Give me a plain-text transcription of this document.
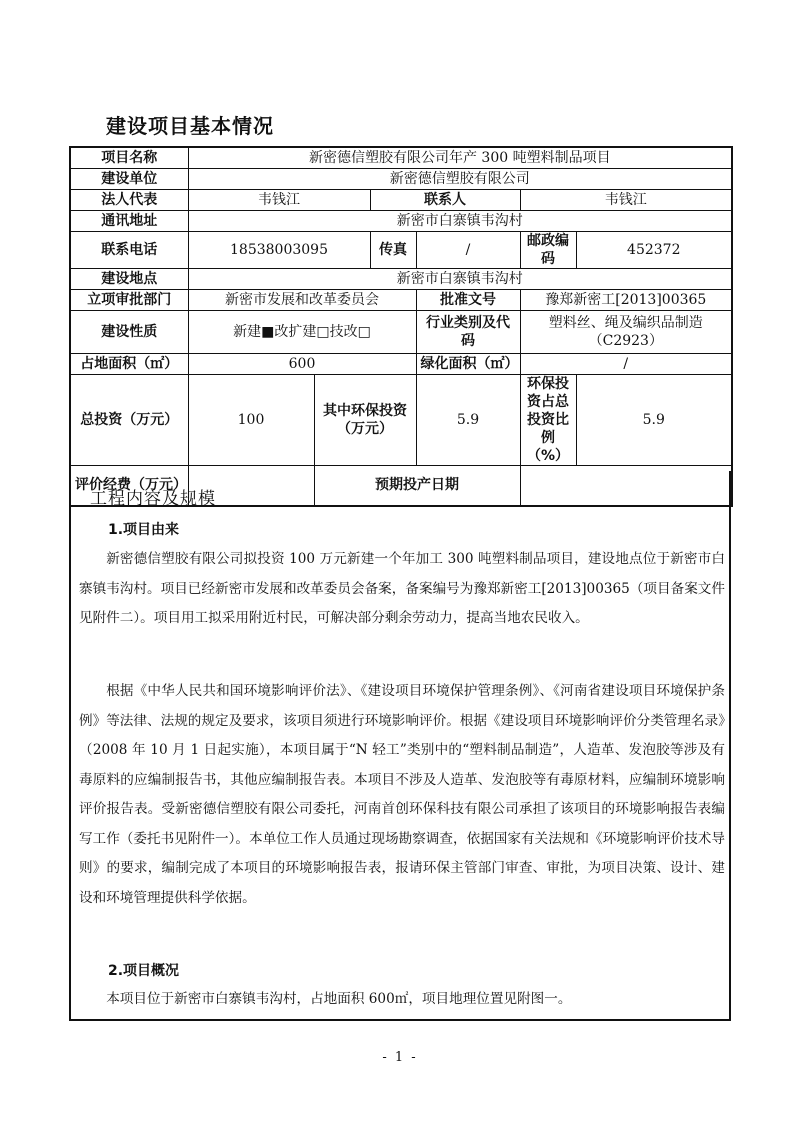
建设项目基本情况
项目名称	新密德信塑胶有限公司年产 300 吨塑料制品项目					
建设单位	新密德信塑胶有限公司					
法人代表	韦钱江		联系人		韦钱江	
通讯地址	新密市白寨镇韦沟村					
联系电话	18538003095		传真	/	邮政编码	452372
建设地点	新密市白寨镇韦沟村					
立项审批部门	新密市发展和改革委员会			批准文号	豫郑新密工[2013]00365	
建设性质	新建■改扩建□技改□			行业类别及代码	塑料丝、绳及编织品制造（C2923）	
占地面积（㎡）	600			绿化面积（㎡）	/	
总投资（万元）	100	其中环保投资（万元）		5.9	环保投资占总投资比例（%）	5.9
评价经费（万元）		预期投产日期				
工程内容及规模
1.项目由来

新密德信塑胶有限公司拟投资 100 万元新建一个年加工 300 吨塑料制品项目，建设地点位于新密市白寨镇韦沟村。项目已经新密市发展和改革委员会备案，备案编号为豫郑新密工[2013]00365（项目备案文件见附件二）。项目用工拟采用附近村民，可解决部分剩余劳动力，提高当地农民收入。

根据《中华人民共和国环境影响评价法》、《建设项目环境保护管理条例》、《河南省建设项目环境保护条例》等法律、法规的规定及要求，该项目须进行环境影响评价。根据《建设项目环境影响评价分类管理名录》（2008 年 10 月 1 日起实施），本项目属于“N 轻工”类别中的“塑料制品制造”，人造革、发泡胶等涉及有毒原料的应编制报告书，其他应编制报告表。本项目不涉及人造革、发泡胶等有毒原材料，应编制环境影响评价报告表。受新密德信塑胶有限公司委托，河南首创环保科技有限公司承担了该项目的环境影响报告表编写工作（委托书见附件一）。本单位工作人员通过现场勘察调查，依据国家有关法规和《环境影响评价技术导则》的要求，编制完成了本项目的环境影响报告表，报请环保主管部门审查、审批，为项目决策、设计、建设和环境管理提供科学依据。

2.项目概况

本项目位于新密市白寨镇韦沟村，占地面积 600㎡，项目地理位置见附图一。

- 1 -
